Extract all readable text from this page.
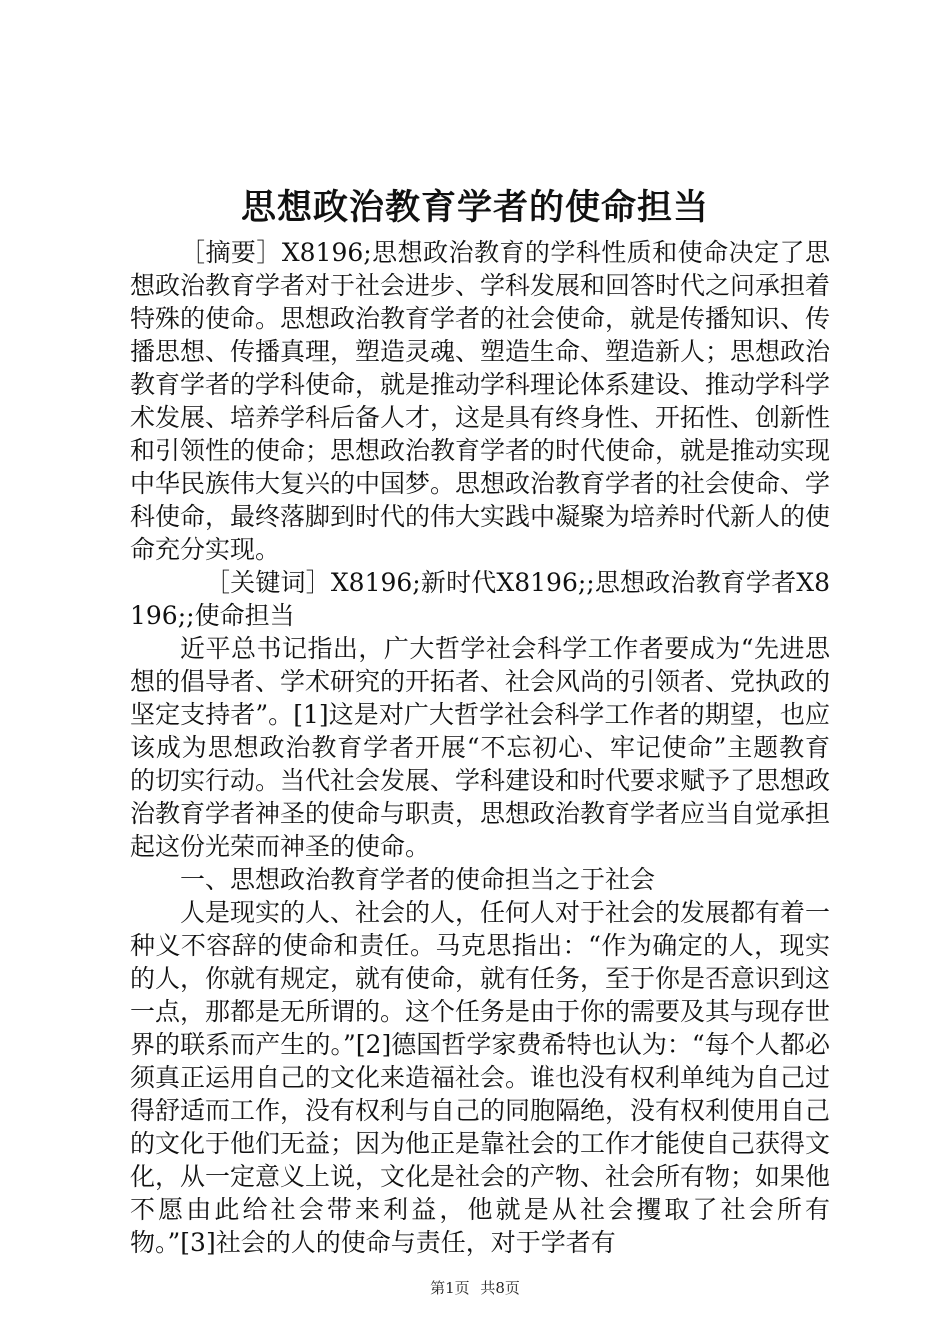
思想政治教育学者的使命担当

［摘要］X8196;思想政治教育的学科性质和使命决定了思想政治教育学者对于社会进步、学科发展和回答时代之问承担着特殊的使命。思想政治教育学者的社会使命，就是传播知识、传播思想、传播真理，塑造灵魂、塑造生命、塑造新人；思想政治教育学者的学科使命，就是推动学科理论体系建设、推动学科学术发展、培养学科后备人才，这是具有终身性、开拓性、创新性和引领性的使命；思想政治教育学者的时代使命，就是推动实现中华民族伟大复兴的中国梦。思想政治教育学者的社会使命、学科使命，最终落脚到时代的伟大实践中凝聚为培养时代新人的使命充分实现。

［关键词］X8196;新时代X8196;;思想政治教育学者X8196;;使命担当

近平总书记指出，广大哲学社会科学工作者要成为“先进思想的倡导者、学术研究的开拓者、社会风尚的引领者、党执政的坚定支持者”。[1]这是对广大哲学社会科学工作者的期望，也应该成为思想政治教育学者开展“不忘初心、牢记使命”主题教育的切实行动。当代社会发展、学科建设和时代要求赋予了思想政治教育学者神圣的使命与职责，思想政治教育学者应当自觉承担起这份光荣而神圣的使命。

一、思想政治教育学者的使命担当之于社会

人是现实的人、社会的人，任何人对于社会的发展都有着一种义不容辞的使命和责任。马克思指出：“作为确定的人，现实的人，你就有规定，就有使命，就有任务，至于你是否意识到这一点，那都是无所谓的。这个任务是由于你的需要及其与现存世界的联系而产生的。”[2]德国哲学家费希特也认为：“每个人都必须真正运用自己的文化来造福社会。谁也没有权利单纯为自己过得舒适而工作，没有权利与自己的同胞隔绝，没有权利使用自己的文化于他们无益；因为他正是靠社会的工作才能使自己获得文化，从一定意义上说，文化是社会的产物、社会所有物；如果他不愿由此给社会带来利益，他就是从社会攫取了社会所有物。”[3]社会的人的使命与责任，对于学者有

第1页 共8页
